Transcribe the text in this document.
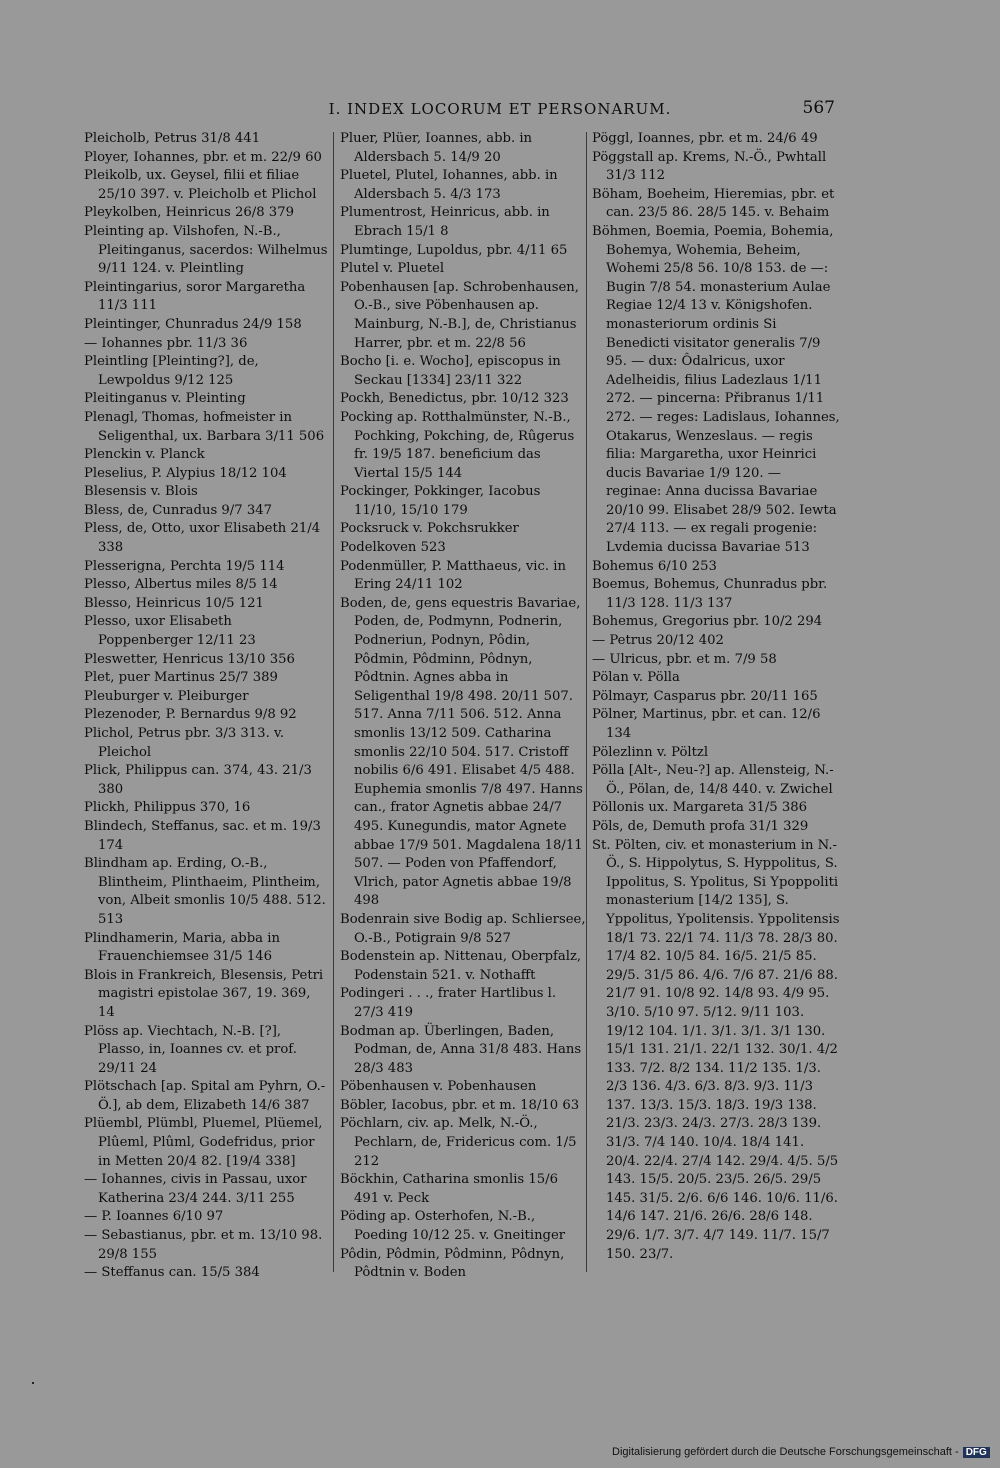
I. INDEX LOCORUM ET PERSONARUM.	567

Pleicholb, Petrus 31/8 441

Ployer, Iohannes, pbr. et m. 22/9 60

Pleikolb, ux. Geysel, filii et filiae 25/10 397. v. Pleicholb et Plichol

Pleykolben, Heinricus 26/8 379

Pleinting ap. Vilshofen, N.-B., Pleitinganus, sacerdos: Wilhelmus 9/11 124. v. Pleintling

Pleintingarius, soror Margaretha 11/3 111

Pleintinger, Chunradus 24/9 158

— Iohannes pbr. 11/3 36

Pleintling [Pleinting?], de, Lewpoldus 9/12 125

Pleitinganus v. Pleinting

Plenagl, Thomas, hofmeister in Seligenthal, ux. Barbara 3/11 506

Plenckin v. Planck

Pleselius, P. Alypius 18/12 104

Blesensis v. Blois

Bless, de, Cunradus 9/7 347

Pless, de, Otto, uxor Elisabeth 21/4 338

Plesserigna, Perchta 19/5 114

Plesso, Albertus miles 8/5 14

Blesso, Heinricus 10/5 121

Plesso, uxor Elisabeth Poppenberger 12/11 23

Pleswetter, Henricus 13/10 356

Plet, puer Martinus 25/7 389

Pleuburger v. Pleiburger

Plezenoder, P. Bernardus 9/8 92

Plichol, Petrus pbr. 3/3 313. v. Pleichol

Plick, Philippus can. 374, 43. 21/3 380

Plickh, Philippus 370, 16

Blindech, Steffanus, sac. et m. 19/3 174

Blindham ap. Erding, O.-B., Blintheim, Plinthaeim, Plintheim, von, Albeit smonlis 10/5 488. 512. 513

Plindhamerin, Maria, abba in Frauenchiemsee 31/5 146

Blois in Frankreich, Blesensis, Petri magistri epistolae 367, 19. 369, 14

Plöss ap. Viechtach, N.-B. [?], Plasso, in, Ioannes cv. et prof. 29/11 24

Plötschach [ap. Spital am Pyhrn, O.-Ö.], ab dem, Elizabeth 14/6 387

Plüembl, Plümbl, Pluemel, Plüemel, Plûeml, Plûml, Godefridus, prior in Metten 20/4 82. [19/4 338]

— Iohannes, civis in Passau, uxor Katherina 23/4 244. 3/11 255

— P. Ioannes 6/10 97

— Sebastianus, pbr. et m. 13/10 98. 29/8 155

— Steffanus can. 15/5 384

Pluer, Plüer, Ioannes, abb. in Aldersbach 5. 14/9 20

Pluetel, Plutel, Iohannes, abb. in Aldersbach 5. 4/3 173

Plumentrost, Heinricus, abb. in Ebrach 15/1 8

Plumtinge, Lupoldus, pbr. 4/11 65

Plutel v. Pluetel

Pobenhausen [ap. Schrobenhausen, O.-B., sive Pöbenhausen ap. Mainburg, N.-B.], de, Christianus Harrer, pbr. et m. 22/8 56

Bocho [i. e. Wocho], episcopus in Seckau [1334] 23/11 322

Pockh, Benedictus, pbr. 10/12 323

Pocking ap. Rotthalmünster, N.-B., Pochking, Pokching, de, Rûgerus fr. 19/5 187. beneficium das Viertal 15/5 144

Pockinger, Pokkinger, Iacobus 11/10, 15/10 179

Pocksruck v. Pokchsrukker

Podelkoven 523

Podenmüller, P. Matthaeus, vic. in Ering 24/11 102

Boden, de, gens equestris Bavariae, Poden, de, Podmynn, Podnerin, Podneriun, Podnyn, Pôdin, Pôdmin, Pôdminn, Pôdnyn, Pôdtnin. Agnes abba in Seligenthal 19/8 498. 20/11 507. 517. Anna 7/11 506. 512. Anna smonlis 13/12 509. Catharina smonlis 22/10 504. 517. Cristoff nobilis 6/6 491. Elisabet 4/5 488. Euphemia smonlis 7/8 497. Hanns can., frator Agnetis abbae 24/7 495. Kunegundis, mator Agnete abbae 17/9 501. Magdalena 18/11 507. — Poden von Pfaffendorf, Vlrich, pator Agnetis abbae 19/8 498

Bodenrain sive Bodig ap. Schliersee, O.-B., Potigrain 9/8 527

Bodenstein ap. Nittenau, Oberpfalz, Podenstain 521. v. Nothafft

Podingeri . . ., frater Hartlibus l. 27/3 419

Bodman ap. Überlingen, Baden, Podman, de, Anna 31/8 483. Hans 28/3 483

Pöbenhausen v. Pobenhausen

Böbler, Iacobus, pbr. et m. 18/10 63

Pöchlarn, civ. ap. Melk, N.-Ö., Pechlarn, de, Fridericus com. 1/5 212

Böckhin, Catharina smonlis 15/6 491 v. Peck

Pöding ap. Osterhofen, N.-B., Poeding 10/12 25. v. Gneitinger

Pôdin, Pôdmin, Pôdminn, Pôdnyn, Pôdtnin v. Boden

Pöggl, Ioannes, pbr. et m. 24/6 49

Pöggstall ap. Krems, N.-Ö., Pwhtall 31/3 112

Böham, Boeheim, Hieremias, pbr. et can. 23/5 86. 28/5 145. v. Behaim

Böhmen, Boemia, Poemia, Bohemia, Bohemya, Wohemia, Beheim, Wohemi 25/8 56. 10/8 153. de —: Bugin 7/8 54. monasterium Aulae Regiae 12/4 13 v. Königshofen. monasteriorum ordinis Si Benedicti visitator generalis 7/9 95. — dux: Ôdalricus, uxor Adelheidis, filius Ladezlaus 1/11 272. — pincerna: Přibranus 1/11 272. — reges: Ladislaus, Iohannes, Otakarus, Wenzeslaus. — regis filia: Margaretha, uxor Heinrici ducis Bavariae 1/9 120. — reginae: Anna ducissa Bavariae 20/10 99. Elisabet 28/9 502. Iewta 27/4 113. — ex regali progenie: Lvdemia ducissa Bavariae 513

Bohemus 6/10 253

Boemus, Bohemus, Chunradus pbr. 11/3 128. 11/3 137

Bohemus, Gregorius pbr. 10/2 294

— Petrus 20/12 402

— Ulricus, pbr. et m. 7/9 58

Pölan v. Pölla

Pölmayr, Casparus pbr. 20/11 165

Pölner, Martinus, pbr. et can. 12/6 134

Pölezlinn v. Pöltzl

Pölla [Alt-, Neu-?] ap. Allensteig, N.-Ö., Pölan, de, 14/8 440. v. Zwichel

Pöllonis ux. Margareta 31/5 386

Pöls, de, Demuth profa 31/1 329

St. Pölten, civ. et monasterium in N.-Ö., S. Hippolytus, S. Hyppolitus, S. Ippolitus, S. Ypolitus, Si Ypoppoliti monasterium [14/2 135], S. Yppolitus, Ypolitensis. Yppolitensis 18/1 73. 22/1 74. 11/3 78. 28/3 80. 17/4 82. 10/5 84. 16/5. 21/5 85. 29/5. 31/5 86. 4/6. 7/6 87. 21/6 88. 21/7 91. 10/8 92. 14/8 93. 4/9 95. 3/10. 5/10 97. 5/12. 9/11 103. 19/12 104. 1/1. 3/1. 3/1. 3/1 130. 15/1 131. 21/1. 22/1 132. 30/1. 4/2 133. 7/2. 8/2 134. 11/2 135. 1/3. 2/3 136. 4/3. 6/3. 8/3. 9/3. 11/3 137. 13/3. 15/3. 18/3. 19/3 138. 21/3. 23/3. 24/3. 27/3. 28/3 139. 31/3. 7/4 140. 10/4. 18/4 141. 20/4. 22/4. 27/4 142. 29/4. 4/5. 5/5 143. 15/5. 20/5. 23/5. 26/5. 29/5 145. 31/5. 2/6. 6/6 146. 10/6. 11/6. 14/6 147. 21/6. 26/6. 28/6 148. 29/6. 1/7. 3/7. 4/7 149. 11/7. 15/7 150. 23/7.

Digitalisierung gefördert durch die Deutsche Forschungsgemeinschaft - DFG
